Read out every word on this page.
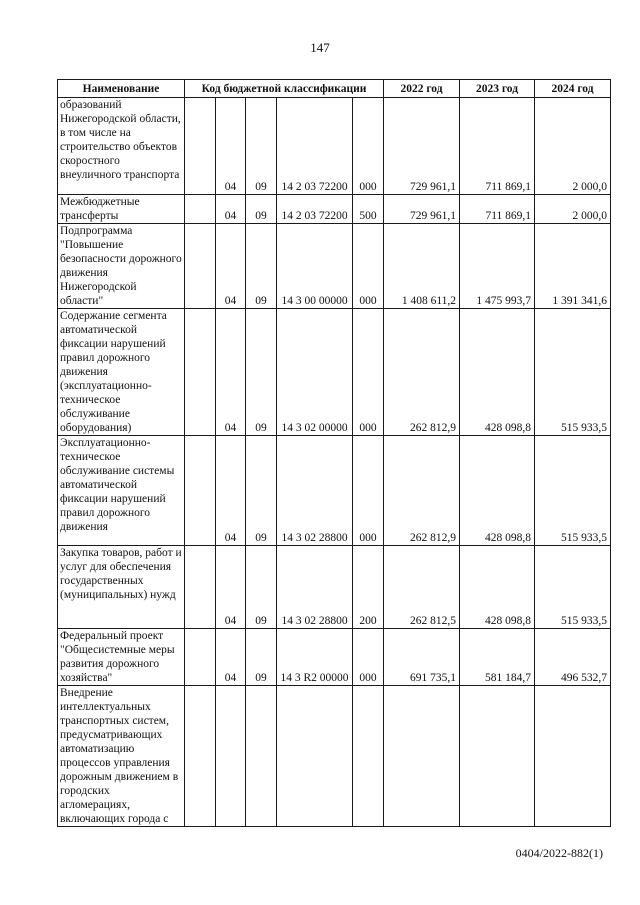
147
Наименование	Код бюджетной классификации					2022 год	2023 год	2024 год
образований Нижегородской области, в том числе на строительство объектов скоростного внеуличного транспорта		04	09	14 2 03 72200	000	729 961,1	711 869,1	2 000,0
Межбюджетные трансферты		04	09	14 2 03 72200	500	729 961,1	711 869,1	2 000,0
Подпрограмма "Повышение безопасности дорожного движения Нижегородской области"		04	09	14 3 00 00000	000	1 408 611,2	1 475 993,7	1 391 341,6
Содержание сегмента автоматической фиксации нарушений правил дорожного движения (эксплуатационно-техническое обслуживание оборудования)		04	09	14 3 02 00000	000	262 812,9	428 098,8	515 933,5
Эксплуатационно-техническое обслуживание системы автоматической фиксации нарушений правил дорожного движения		04	09	14 3 02 28800	000	262 812,9	428 098,8	515 933,5
Закупка товаров, работ и услуг для обеспечения государственных (муниципальных) нужд		04	09	14 3 02 28800	200	262 812,5	428 098,8	515 933,5
Федеральный проект "Общесистемные меры развития дорожного хозяйства"		04	09	14 3 R2 00000	000	691 735,1	581 184,7	496 532,7
Внедрение интеллектуальных транспортных систем, предусматривающих автоматизацию процессов управления дорожным движением в городских агломерациях, включающих города с								
0404/2022-882(1)
